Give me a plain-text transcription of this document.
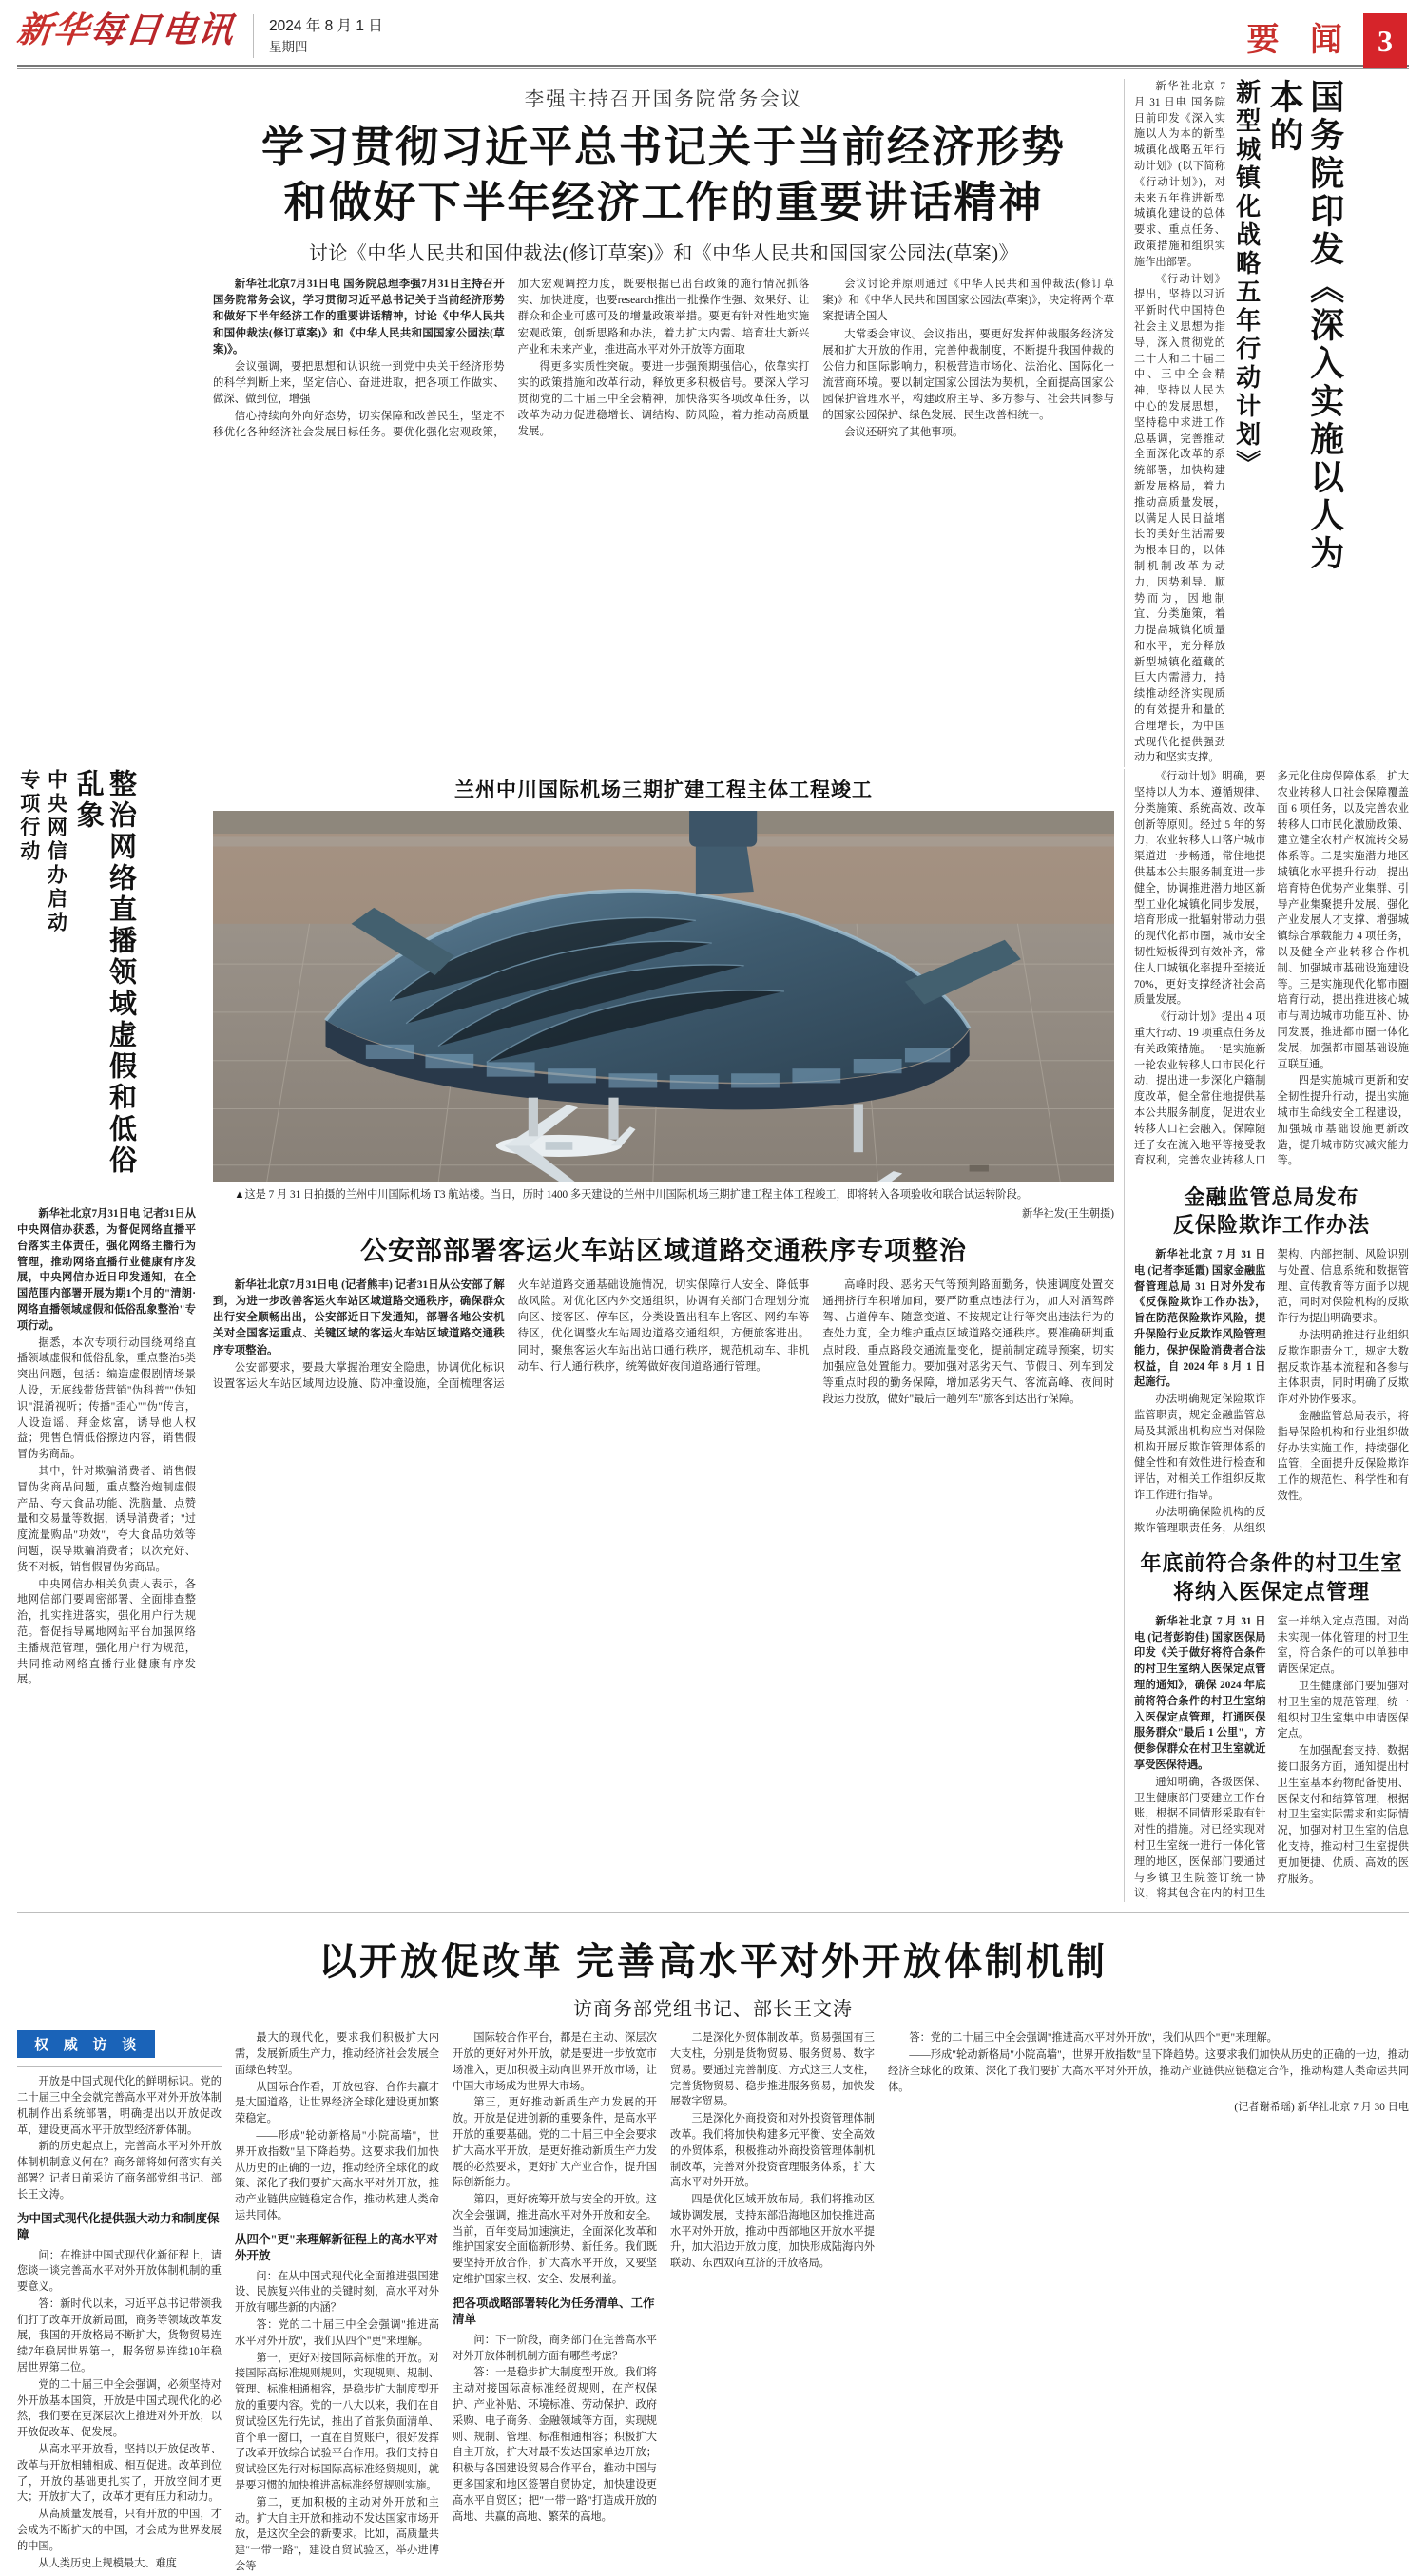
新华每日电讯 2024 年 8 月 1 日
星期四	要 闻 3
李强主持召开国务院常务会议
学习贯彻习近平总书记关于当前经济形势
和做好下半年经济工作的重要讲话精神
讨论《中华人民共和国仲裁法(修订草案)》和《中华人民共和国国家公园法(草案)》

新华社北京7月31日电 国务院总理李强7月31日主持召开国务院常务会议，学习贯彻习近平总书记关于当前经济形势和做好下半年经济工作的重要讲话精神，讨论《中华人民共和国仲裁法(修订草案)》和《中华人民共和国国家公园法(草案)》。

会议强调，要把思想和认识统一到党中央关于经济形势的科学判断上来，坚定信心、奋进进取，把各项工作做实、做深、做到位，增强

信心持续向外向好态势，切实保障和改善民生，坚定不移优化各种经济社会发展目标任务。要优化强化宏观政策，加大宏观调控力度，既要根据已出台政策的施行情况抓落实、加快进度，也要research推出一批操作性强、效果好、让群众和企业可感可及的增量政策举措。要更有针对性地实施宏观政策，创新思路和办法，着力扩大内需、培育壮大新兴产业和未来产业，推进高水平对外开放等方面取

得更多实质性突破。要进一步强预期强信心，依靠实打实的政策措施和改革行动，释放更多积极信号。要深入学习贯彻党的二十届三中全会精神，加快落实各项改革任务，以改革为动力促进稳增长、调结构、防风险，着力推动高质量发展。

会议讨论并原则通过《中华人民共和国仲裁法(修订草案)》和《中华人民共和国国家公园法(草案)》，决定将两个草案提请全国人

大常委会审议。会议指出，要更好发挥仲裁服务经济发展和扩大开放的作用，完善仲裁制度，不断提升我国仲裁的公信力和国际影响力，积极营造市场化、法治化、国际化一流营商环境。要以制定国家公园法为契机，全面提高国家公园保护管理水平，构建政府主导、多方参与、社会共同参与的国家公园保护、绿色发展、民生改善相统一。

会议还研究了其他事项。

新华社北京 7 月 31 日电 国务院日前印发《深入实施以人为本的新型城镇化战略五年行动计划》(以下简称《行动计划》)，对未来五年推进新型城镇化建设的总体要求、重点任务、政策措施和组织实施作出部署。

《行动计划》提出，坚持以习近平新时代中国特色社会主义思想为指导，深入贯彻党的二十大和二十届二中、三中全会精神，坚持以人民为中心的发展思想，坚持稳中求进工作总基调，完善推动全面深化改革的系统部署，加快构建新发展格局，着力推动高质量发展，以满足人民日益增长的美好生活需要为根本目的，以体制机制改革为动力，因势利导、顺势而为，因地制宜、分类施策，着力提高城镇化质量和水平，充分释放新型城镇化蕴藏的巨大内需潜力，持续推动经济实现质的有效提升和量的合理增长，为中国式现代化提供强劲动力和坚实支撑。

国务院印发《深入实施以人为本的
新型城镇化战略五年行动计划》
整治网络直播领域虚假和低俗乱象
中央网信办启动
专项行动

新华社北京7月31日电 记者31日从中央网信办获悉，为督促网络直播平台落实主体责任，强化网络主播行为管理，推动网络直播行业健康有序发展，中央网信办近日印发通知，在全国范围内部署开展为期1个月的"清朗·网络直播领域虚假和低俗乱象整治"专项行动。

据悉，本次专项行动围绕网络直播领域虚假和低俗乱象，重点整治5类突出问题，包括：编造虚假剧情场景人设，无底线带货营销"伪科普""伪知识"混淆视听；传播"歪心""伪"传言，人设造谣、拜金炫富，诱导他人权益；兜售色情低俗擦边内容，销售假冒伪劣商品。

其中，针对欺骗消费者、销售假冒伪劣商品问题，重点整治炮制虚假产品、夸大食品功能、洗脑量、点赞量和交易量等数据，诱导消费者；"过度流量购品"功效"，夸大食品功效等问题，误导欺骗消费者；以次充好、货不对板，销售假冒伪劣商品。

中央网信办相关负责人表示，各地网信部门要周密部署、全面排查整治，扎实推进落实，强化用户行为规范。督促指导属地网站平台加强网络主播规范管理，强化用户行为规范，共同推动网络直播行业健康有序发展。

兰州中川国际机场三期扩建工程主体工程竣工
▲这是 7 月 31 日拍摄的兰州中川国际机场 T3 航站楼。当日，历时 1400 多天建设的兰州中川国际机场三期扩建工程主体工程竣工，即将转入各项验收和联合试运转阶段。
新华社发(王生朝摄)
公安部部署客运火车站区域道路交通秩序专项整治

新华社北京7月31日电 (记者熊丰) 记者31日从公安部了解到，为进一步改善客运火车站区域道路交通秩序，确保群众出行安全顺畅出出，公安部近日下发通知，部署各地公安机关对全国客运重点、关键区域的客运火车站区域道路交通秩序专项整治。

公安部要求，要最大掌握治理安全隐患，协调优化标识设置客运火车站区域周边设施、防冲撞设施，全面梳理客运火车站道路交通基础设施情况，切实保障行人安全、降低事故风险。对优化区内外交通组织，协调有关部门合理划分流向区、接客区、停车区，分类设置出租车上客区、网约车等待区，优化调整火车站周边道路交通组织，方便旅客进出。同时，聚焦客运火车站出站口通行秩序，规范机动车、非机动车、行人通行秩序，统筹做好夜间道路通行管理。

高峰时段、恶劣天气等预判路面勤务，快速调度处置交通拥挤行车积增加间，要严防重点违法行为，加大对酒驾醉驾、占道停车、随意变道、不按规定让行等突出违法行为的查处力度，全力维护重点区域道路交通秩序。要准确研判重点时段、重点路段交通流量变化，提前制定疏导预案，切实加强应急处置能力。要加强对恶劣天气、节假日、列车到发等重点时段的勤务保障，增加恶劣天气、客流高峰、夜间时段运力投放，做好"最后一趟列车"旅客到达出行保障。

《行动计划》明确，要坚持以人为本、遵循规律、分类施策、系统高效、改革创新等原则。经过 5 年的努力，农业转移人口落户城市渠道进一步畅通，常住地提供基本公共服务制度进一步健全，协调推进潜力地区新型工业化城镇化同步发展，培育形成一批辐射带动力强的现代化都市圈，城市安全韧性短板得到有效补齐，常住人口城镇化率提升至接近 70%，更好支撑经济社会高质量发展。

《行动计划》提出 4 项重大行动、19 项重点任务及有关政策措施。一是实施新一轮农业转移人口市民化行动，提出进一步深化户籍制度改革，健全常住地提供基本公共服务制度，促进农业转移人口社会融入。保障随迁子女在流入地平等接受教育权利，完善农业转移人口多元化住房保障体系，扩大农业转移人口社会保障覆盖面 6 项任务，以及完善农业转移人口市民化激励政策、建立健全农村产权流转交易体系等。二是实施潜力地区城镇化水平提升行动，提出培育特色优势产业集群、引导产业集聚提升发展、强化产业发展人才支撑、增强城镇综合承载能力 4 项任务，以及健全产业转移合作机制、加强城市基础设施建设等。三是实施现代化都市圈培育行动，提出推进核心城市与周边城市功能互补、协同发展，推进都市圈一体化发展，加强都市圈基础设施互联互通。

四是实施城市更新和安全韧性提升行动，提出实施城市生命线安全工程建设，加强城市基础设施更新改造，提升城市防灾减灾能力等。

金融监管总局发布
反保险欺诈工作办法

新华社北京 7 月 31 日电 (记者李延霞) 国家金融监督管理总局 31 日对外发布《反保险欺诈工作办法》，旨在防范保险欺诈风险，提升保险行业反欺诈风险管理能力，保护保险消费者合法权益，自 2024 年 8 月 1 日起施行。

办法明确规定保险欺诈监管职责，规定金融监管总局及其派出机构应当对保险机构开展反欺诈管理体系的健全性和有效性进行检查和评估，对相关工作组织反欺诈工作进行指导。

办法明确保险机构的反欺诈管理职责任务，从组织架构、内部控制、风险识别与处置、信息系统和数据管理、宣传教育等方面予以规范，同时对保险机构的反欺诈行为提出明确要求。

办法明确推进行业组织反欺诈职责分工，规定大数据反欺诈基本流程和各参与主体职责，同时明确了反欺诈对外协作要求。

金融监管总局表示，将指导保险机构和行业组织做好办法实施工作，持续强化监管，全面提升反保险欺诈工作的规范性、科学性和有效性。

年底前符合条件的村卫生室
将纳入医保定点管理

新华社北京 7 月 31 日电 (记者彭韵佳) 国家医保局印发《关于做好将符合条件的村卫生室纳入医保定点管理的通知》，确保 2024 年底前将符合条件的村卫生室纳入医保定点管理，打通医保服务群众"最后 1 公里"，方便参保群众在村卫生室就近享受医保待遇。

通知明确，各级医保、卫生健康部门要建立工作台账，根据不同情形采取有针对性的措施。对已经实现对村卫生室统一进行一体化管理的地区，医保部门要通过与乡镇卫生院签订统一协议，将其包含在内的村卫生室一并纳入定点范围。对尚未实现一体化管理的村卫生室，符合条件的可以单独申请医保定点。

卫生健康部门要加强对村卫生室的规范管理，统一组织村卫生室集中申请医保定点。

在加强配套支持、数据接口服务方面，通知提出村卫生室基本药物配备使用、医保支付和结算管理，根据村卫生室实际需求和实际情况，加强对村卫生室的信息化支持，推动村卫生室提供更加便捷、优质、高效的医疗服务。

以开放促改革 完善高水平对外开放体制机制
访商务部党组书记、部长王文涛
权 威 访 谈

开放是中国式现代化的鲜明标识。党的二十届三中全会就完善高水平对外开放体制机制作出系统部署，明确提出以开放促改革，建设更高水平开放型经济新体制。

新的历史起点上，完善高水平对外开放体制机制意义何在？商务部将如何落实有关部署？记者日前采访了商务部党组书记、部长王文涛。

为中国式现代化提供强大动力和制度保障

问：在推进中国式现代化新征程上，请您谈一谈完善高水平对外开放体制机制的重要意义。

答：新时代以来，习近平总书记带领我们打了改革开放新局面，商务等领域改革发展，我国的开放格局不断扩大，货物贸易连续7年稳居世界第一，服务贸易连续10年稳居世界第二位。

党的二十届三中全会强调，必须坚持对外开放基本国策，开放是中国式现代化的必然，我们要在更深层次上推进对外开放，以开放促改革、促发展。

从高水平开放看，坚持以开放促改革、改革与开放相辅相成、相互促进。改革到位了，开放的基础更扎实了，开放空间才更大；开放扩大了，改革才更有压力和动力。

从高质量发展看，只有开放的中国，才会成为不断扩大的中国，才会成为世界发展的中国。

从人类历史上规模最大、难度

最大的现代化，要求我们积极扩大内需，发展新质生产力，推动经济社会发展全面绿色转型。

从国际合作看，开放包容、合作共赢才是大国道路，让世界经济全球化建设更加繁荣稳定。

——形成"轮动新格局"小院高墙"，世界开放指数"呈下降趋势。这要求我们加快从历史的正确的一边，推动经济全球化的政策、深化了我们要扩大高水平对外开放，推动产业链供应链稳定合作，推动构建人类命运共同体。

从四个"更"来理解新征程上的高水平对外开放

问：在从中国式现代化全面推进强国建设、民族复兴伟业的关键时刻，高水平对外开放有哪些新的内涵？

答：党的二十届三中全会强调"推进高水平对外开放"，我们从四个"更"来理解。

第一，更好对接国际高标准的开放。对接国际高标准规则规则，实现规则、规制、管理、标准相通相容，是稳步扩大制度型开放的重要内容。党的十八大以来，我们在自贸试验区先行先试，推出了首张负面清单、首个单一窗口，一直在自贸账户，很好发挥了改革开放综合试验平台作用。我们支持自贸试验区先行对标国际高标准经贸规则，就是要习惯的加快推进高标准经贸规则实施。

第二，更加积极的主动对外开放和主动。扩大自主开放和推动不发达国家市场开放，是这次全会的新要求。比如，高质量共建"一带一路"，建设自贸试验区，举办进博会等

国际较合作平台，都是在主动、深层次开放的更好对外开放，就是要进一步放宽市场准入，更加积极主动向世界开放市场，让中国大市场成为世界大市场。

第三，更好推动新质生产力发展的开放。开放是促进创新的重要条件，是高水平开放的重要基础。党的二十届三中全会要求扩大高水平开放，是更好推动新质生产力发展的必然要求，更好扩大产业合作，提升国际创新能力。

第四，更好统筹开放与安全的开放。这次全会强调，推进高水平对外开放和安全。当前，百年变局加速演进，全面深化改革和维护国家安全面临新形势、新任务。我们既要坚持开放合作，扩大高水平开放，又要坚定维护国家主权、安全、发展利益。

把各项战略部署转化为任务清单、工作清单

问：下一阶段，商务部门在完善高水平对外开放体制机制方面有哪些考虑？

答：一是稳步扩大制度型开放。我们将主动对接国际高标准经贸规则，在产权保护、产业补贴、环境标准、劳动保护、政府采购、电子商务、金融领域等方面，实现规则、规制、管理、标准相通相容；积极扩大自主开放，扩大对最不发达国家单边开放；积极与各国建设贸易合作平台，推动中国与更多国家和地区签署自贸协定，加快建设更高水平自贸区；把"一带一路"打造成开放的高地、共赢的高地、繁荣的高地。

二是深化外贸体制改革。贸易强国有三大支柱，分别是货物贸易、服务贸易、数字贸易。要通过完善制度、方式这三大支柱，完善货物贸易、稳步推进服务贸易，加快发展数字贸易。

三是深化外商投资和对外投资管理体制改革。我们将加快构建多元平衡、安全高效的外贸体系，积极推动外商投资管理体制机制改革，完善对外投资管理服务体系，扩大高水平对外开放。

四是优化区域开放布局。我们将推动区域协调发展，支持东部沿海地区加快推进高水平对外开放，推动中西部地区开放水平提升，加大沿边开放力度，加快形成陆海内外联动、东西双向互济的开放格局。

答：党的二十届三中全会强调"推进高水平对外开放"，我们从四个"更"来理解。

——形成"轮动新格局"小院高墙"，世界开放指数"呈下降趋势。这要求我们加快从历史的正确的一边，推动经济全球化的政策、深化了我们要扩大高水平对外开放，推动产业链供应链稳定合作，推动构建人类命运共同体。

(记者谢希瑶) 新华社北京 7 月 30 日电
